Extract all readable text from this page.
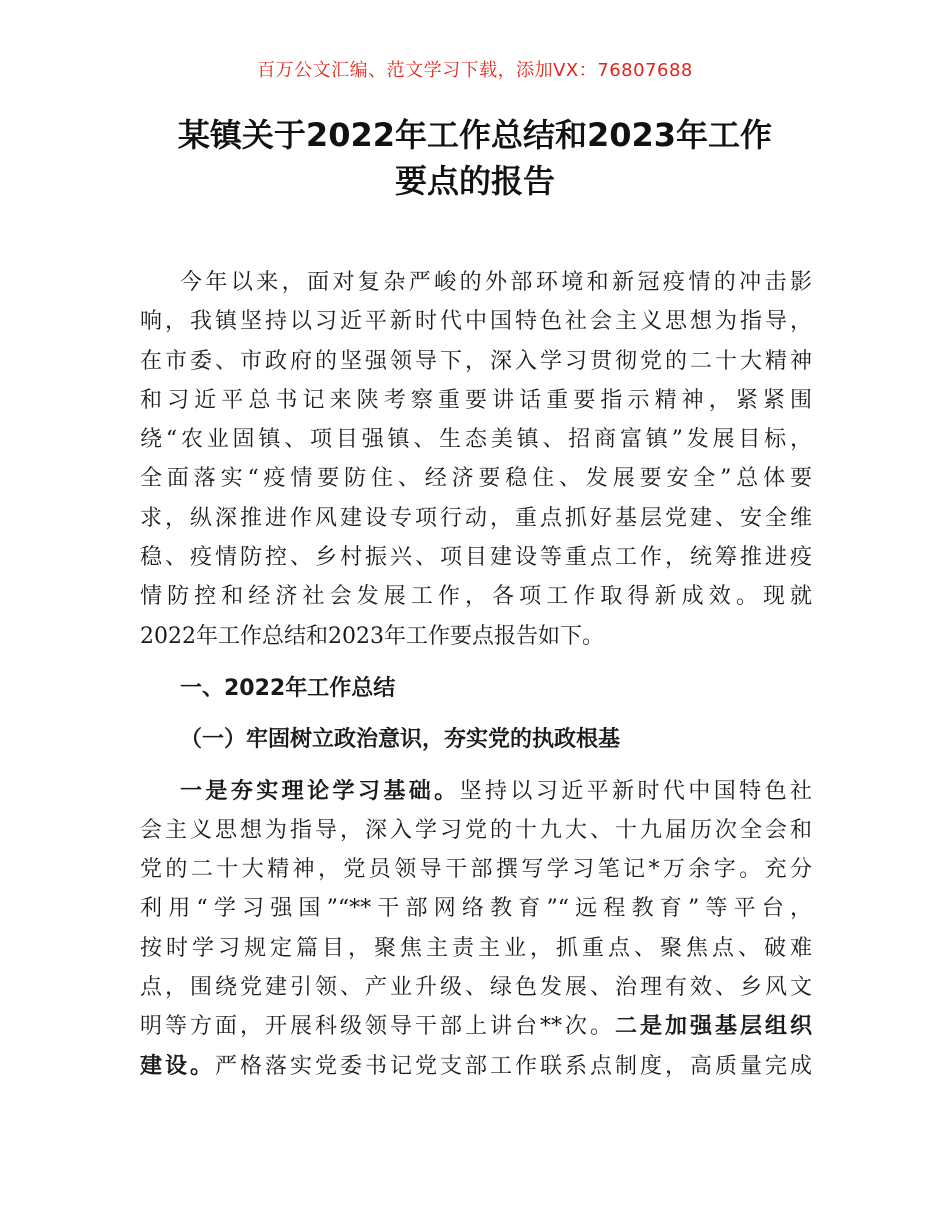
百万公文汇编、范文学习下载，添加VX：76807688
某镇关于2022年工作总结和2023年工作
要点的报告
今年以来，面对复杂严峻的外部环境和新冠疫情的冲击影
响，我镇坚持以习近平新时代中国特色社会主义思想为指导，
在市委、市政府的坚强领导下，深入学习贯彻党的二十大精神
和习近平总书记来陕考察重要讲话重要指示精神，紧紧围
绕“农业固镇、项目强镇、生态美镇、招商富镇”发展目标，
全面落实“疫情要防住、经济要稳住、发展要安全”总体要
求，纵深推进作风建设专项行动，重点抓好基层党建、安全维
稳、疫情防控、乡村振兴、项目建设等重点工作，统筹推进疫
情防控和经济社会发展工作，各项工作取得新成效。现就
2022年工作总结和2023年工作要点报告如下。
一、2022年工作总结
（一）牢固树立政治意识，夯实党的执政根基
一是夯实理论学习基础。坚持以习近平新时代中国特色社
会主义思想为指导，深入学习党的十九大、十九届历次全会和
党的二十大精神，党员领导干部撰写学习笔记*万余字。充分
利用“学习强国”“**干部网络教育”“远程教育”等平台，
按时学习规定篇目，聚焦主责主业，抓重点、聚焦点、破难
点，围绕党建引领、产业升级、绿色发展、治理有效、乡风文
明等方面，开展科级领导干部上讲台**次。二是加强基层组织
建设。严格落实党委书记党支部工作联系点制度，高质量完成
